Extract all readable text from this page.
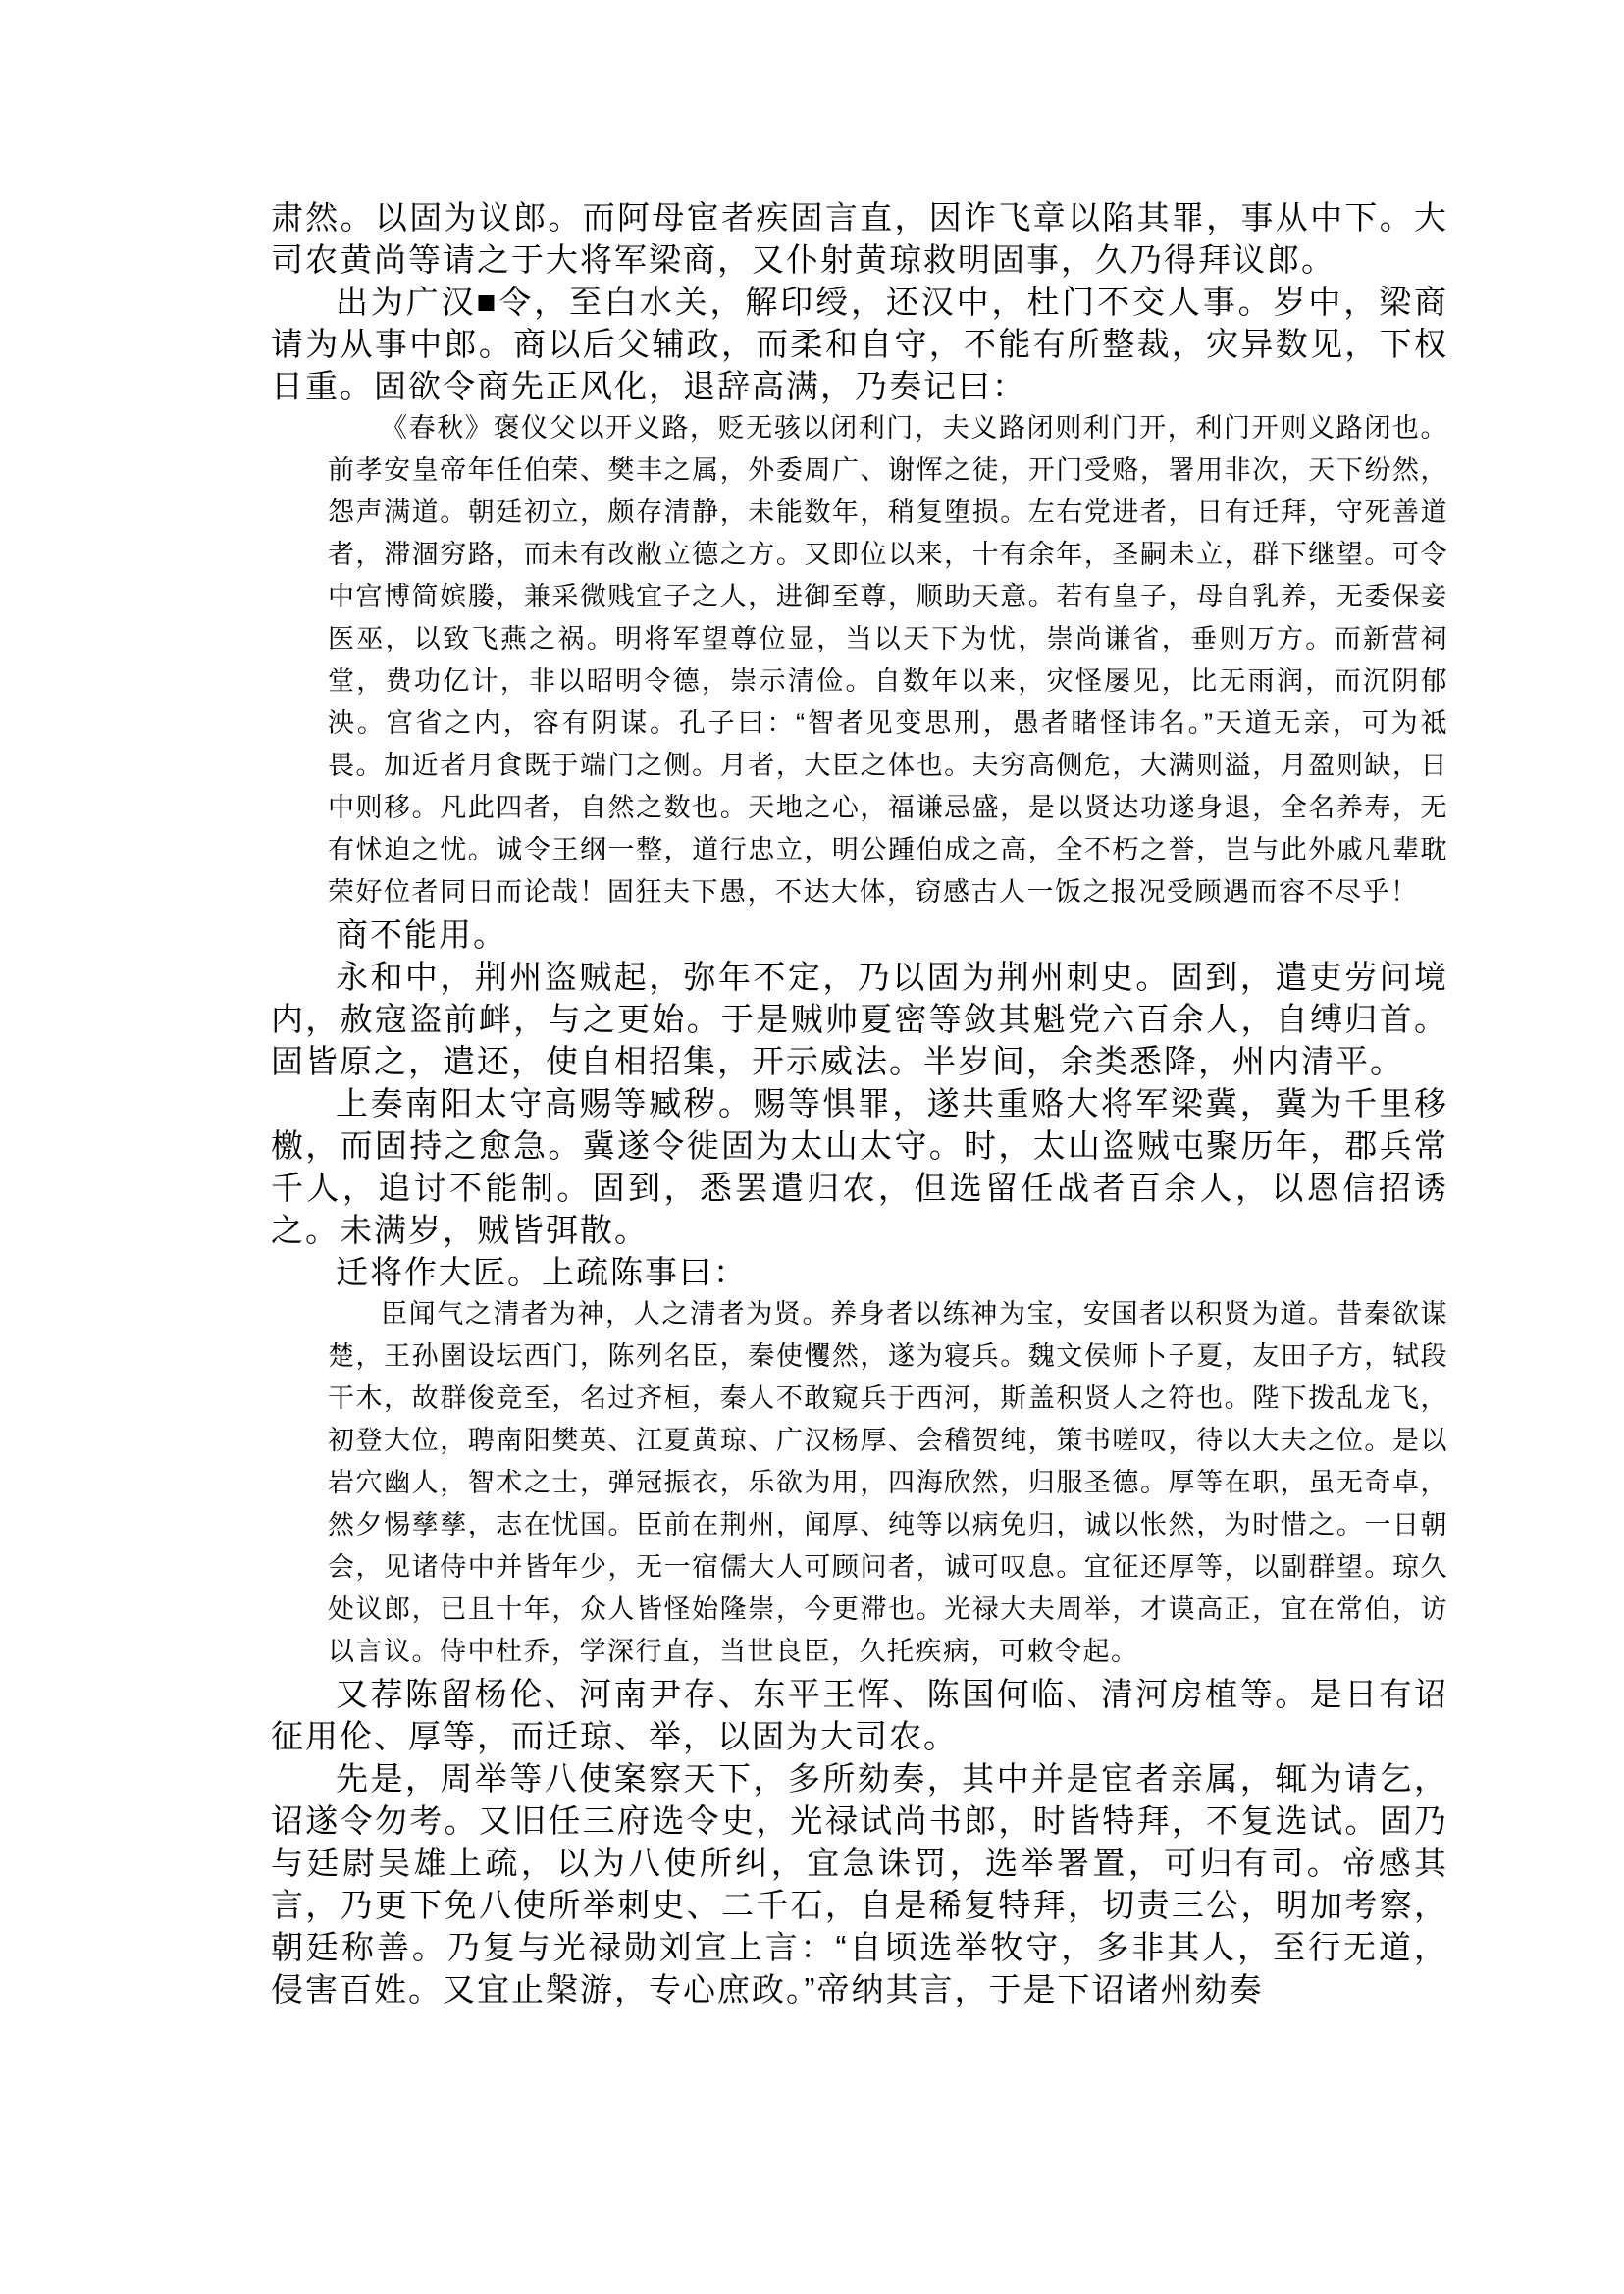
肃然。以固为议郎。而阿母宦者疾固言直，因诈飞章以陷其罪，事从中下。大司农黄尚等请之于大将军梁商，又仆射黄琼救明固事，久乃得拜议郎。

出为广汉■令，至白水关，解印绶，还汉中，杜门不交人事。岁中，梁商请为从事中郎。商以后父辅政，而柔和自守，不能有所整裁，灾异数见，下权日重。固欲令商先正风化，退辞高满，乃奏记曰：

《春秋》褒仪父以开义路，贬无骇以闭利门，夫义路闭则利门开，利门开则义路闭也。前孝安皇帝年任伯荣、樊丰之属，外委周广、谢恽之徒，开门受赂，署用非次，天下纷然，怨声满道。朝廷初立，颇存清静，未能数年，稍复堕损。左右党进者，日有迁拜，守死善道者，滞涸穷路，而未有改敝立德之方。又即位以来，十有余年，圣嗣未立，群下继望。可令中宫博简嫔媵，兼采微贱宜子之人，进御至尊，顺助天意。若有皇子，母自乳养，无委保妾医巫，以致飞燕之祸。明将军望尊位显，当以天下为忧，崇尚谦省，垂则万方。而新营祠堂，费功亿计，非以昭明令德，崇示清俭。自数年以来，灾怪屡见，比无雨润，而沉阴郁泱。宫省之内，容有阴谋。孔子曰：“智者见变思刑，愚者睹怪讳名。”天道无亲，可为祗畏。加近者月食既于端门之侧。月者，大臣之体也。夫穷高侧危，大满则溢，月盈则缺，日中则移。凡此四者，自然之数也。天地之心，福谦忌盛，是以贤达功遂身退，全名养寿，无有怵迫之忧。诚令王纲一整，道行忠立，明公踵伯成之高，全不朽之誉，岂与此外戚凡辈耽荣好位者同日而论哉！固狂夫下愚，不达大体，窃感古人一饭之报况受顾遇而容不尽乎！

商不能用。

永和中，荆州盗贼起，弥年不定，乃以固为荆州刺史。固到，遣吏劳问境内，赦寇盗前衅，与之更始。于是贼帅夏密等敛其魁党六百余人，自缚归首。固皆原之，遣还，使自相招集，开示威法。半岁间，余类悉降，州内清平。

上奏南阳太守高赐等臧秽。赐等惧罪，遂共重赂大将军梁冀，冀为千里移檄，而固持之愈急。冀遂令徙固为太山太守。时，太山盗贼屯聚历年，郡兵常千人，追讨不能制。固到，悉罢遣归农，但选留任战者百余人，以恩信招诱之。未满岁，贼皆弭散。

迁将作大匠。上疏陈事曰：

臣闻气之清者为神，人之清者为贤。养身者以练神为宝，安国者以积贤为道。昔秦欲谋楚，王孙圉设坛西门，陈列名臣，秦使戄然，遂为寝兵。魏文侯师卜子夏，友田子方，轼段干木，故群俊竞至，名过齐桓，秦人不敢窥兵于西河，斯盖积贤人之符也。陛下拨乱龙飞，初登大位，聘南阳樊英、江夏黄琼、广汉杨厚、会稽贺纯，策书嗟叹，待以大夫之位。是以岩穴幽人，智术之士，弹冠振衣，乐欲为用，四海欣然，归服圣德。厚等在职，虽无奇卓，然夕惕孳孳，志在忧国。臣前在荆州，闻厚、纯等以病免归，诚以怅然，为时惜之。一日朝会，见诸侍中并皆年少，无一宿儒大人可顾问者，诚可叹息。宜征还厚等，以副群望。琼久处议郎，已且十年，众人皆怪始隆崇，今更滞也。光禄大夫周举，才谟高正，宜在常伯，访以言议。侍中杜乔，学深行直，当世良臣，久托疾病，可敕令起。

又荐陈留杨伦、河南尹存、东平王恽、陈国何临、清河房植等。是日有诏征用伦、厚等，而迁琼、举，以固为大司农。

先是，周举等八使案察天下，多所劾奏，其中并是宦者亲属，辄为请乞，诏遂令勿考。又旧任三府选令史，光禄试尚书郎，时皆特拜，不复选试。固乃与廷尉吴雄上疏，以为八使所纠，宜急诛罚，选举署置，可归有司。帝感其言，乃更下免八使所举刺史、二千石，自是稀复特拜，切责三公，明加考察，朝廷称善。乃复与光禄勋刘宣上言：“自顷选举牧守，多非其人，至行无道，侵害百姓。又宜止槃游，专心庶政。”帝纳其言，于是下诏诸州劾奏
